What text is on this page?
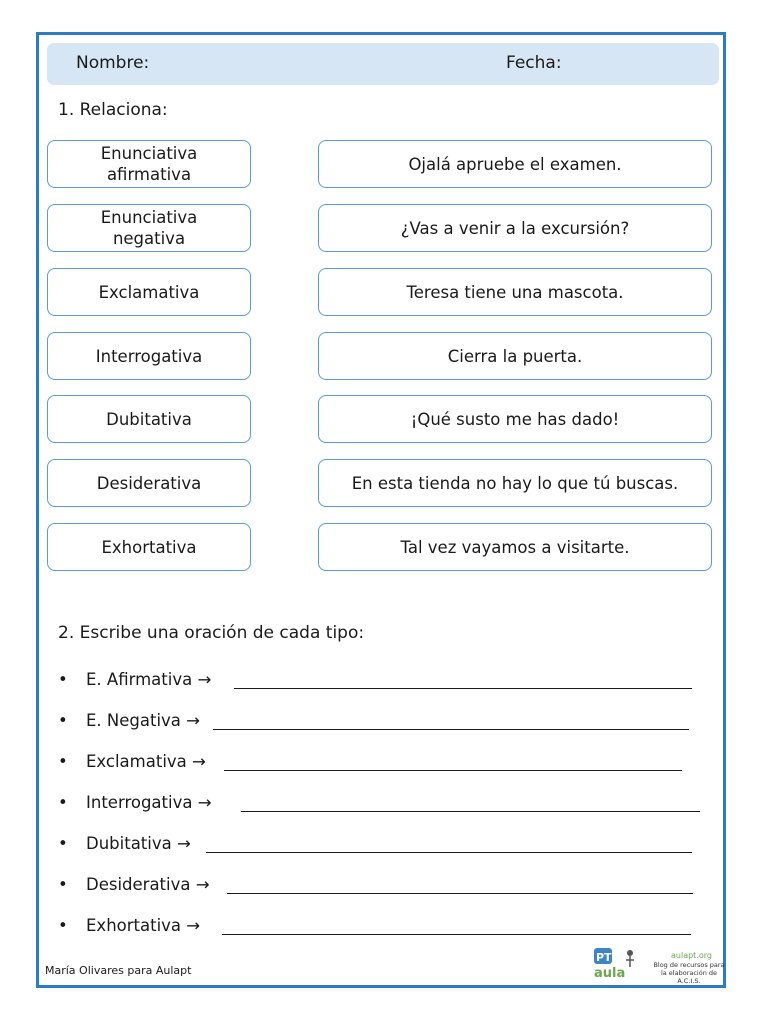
Nombre:	Fecha:
1. Relaciona:
Enunciativa afirmativa
Enunciativa negativa
Exclamativa
Interrogativa
Dubitativa
Desiderativa
Exhortativa
Ojalá apruebe el examen.
¿Vas a venir a la excursión?
Teresa tiene una mascota.
Cierra la puerta.
¡Qué susto me has dado!
En esta tienda no hay lo que tú buscas.
Tal vez vayamos a visitarte.
2. Escribe una oración de cada tipo:
• E. Afirmativa →
• E. Negativa →
• Exclamativa →
• Interrogativa →
• Dubitativa →
• Desiderativa →
• Exhortativa →
María Olivares para Aulapt
PT
aula
aulapt.org
Blog de recursos para la elaboración de A.C.I.S.
